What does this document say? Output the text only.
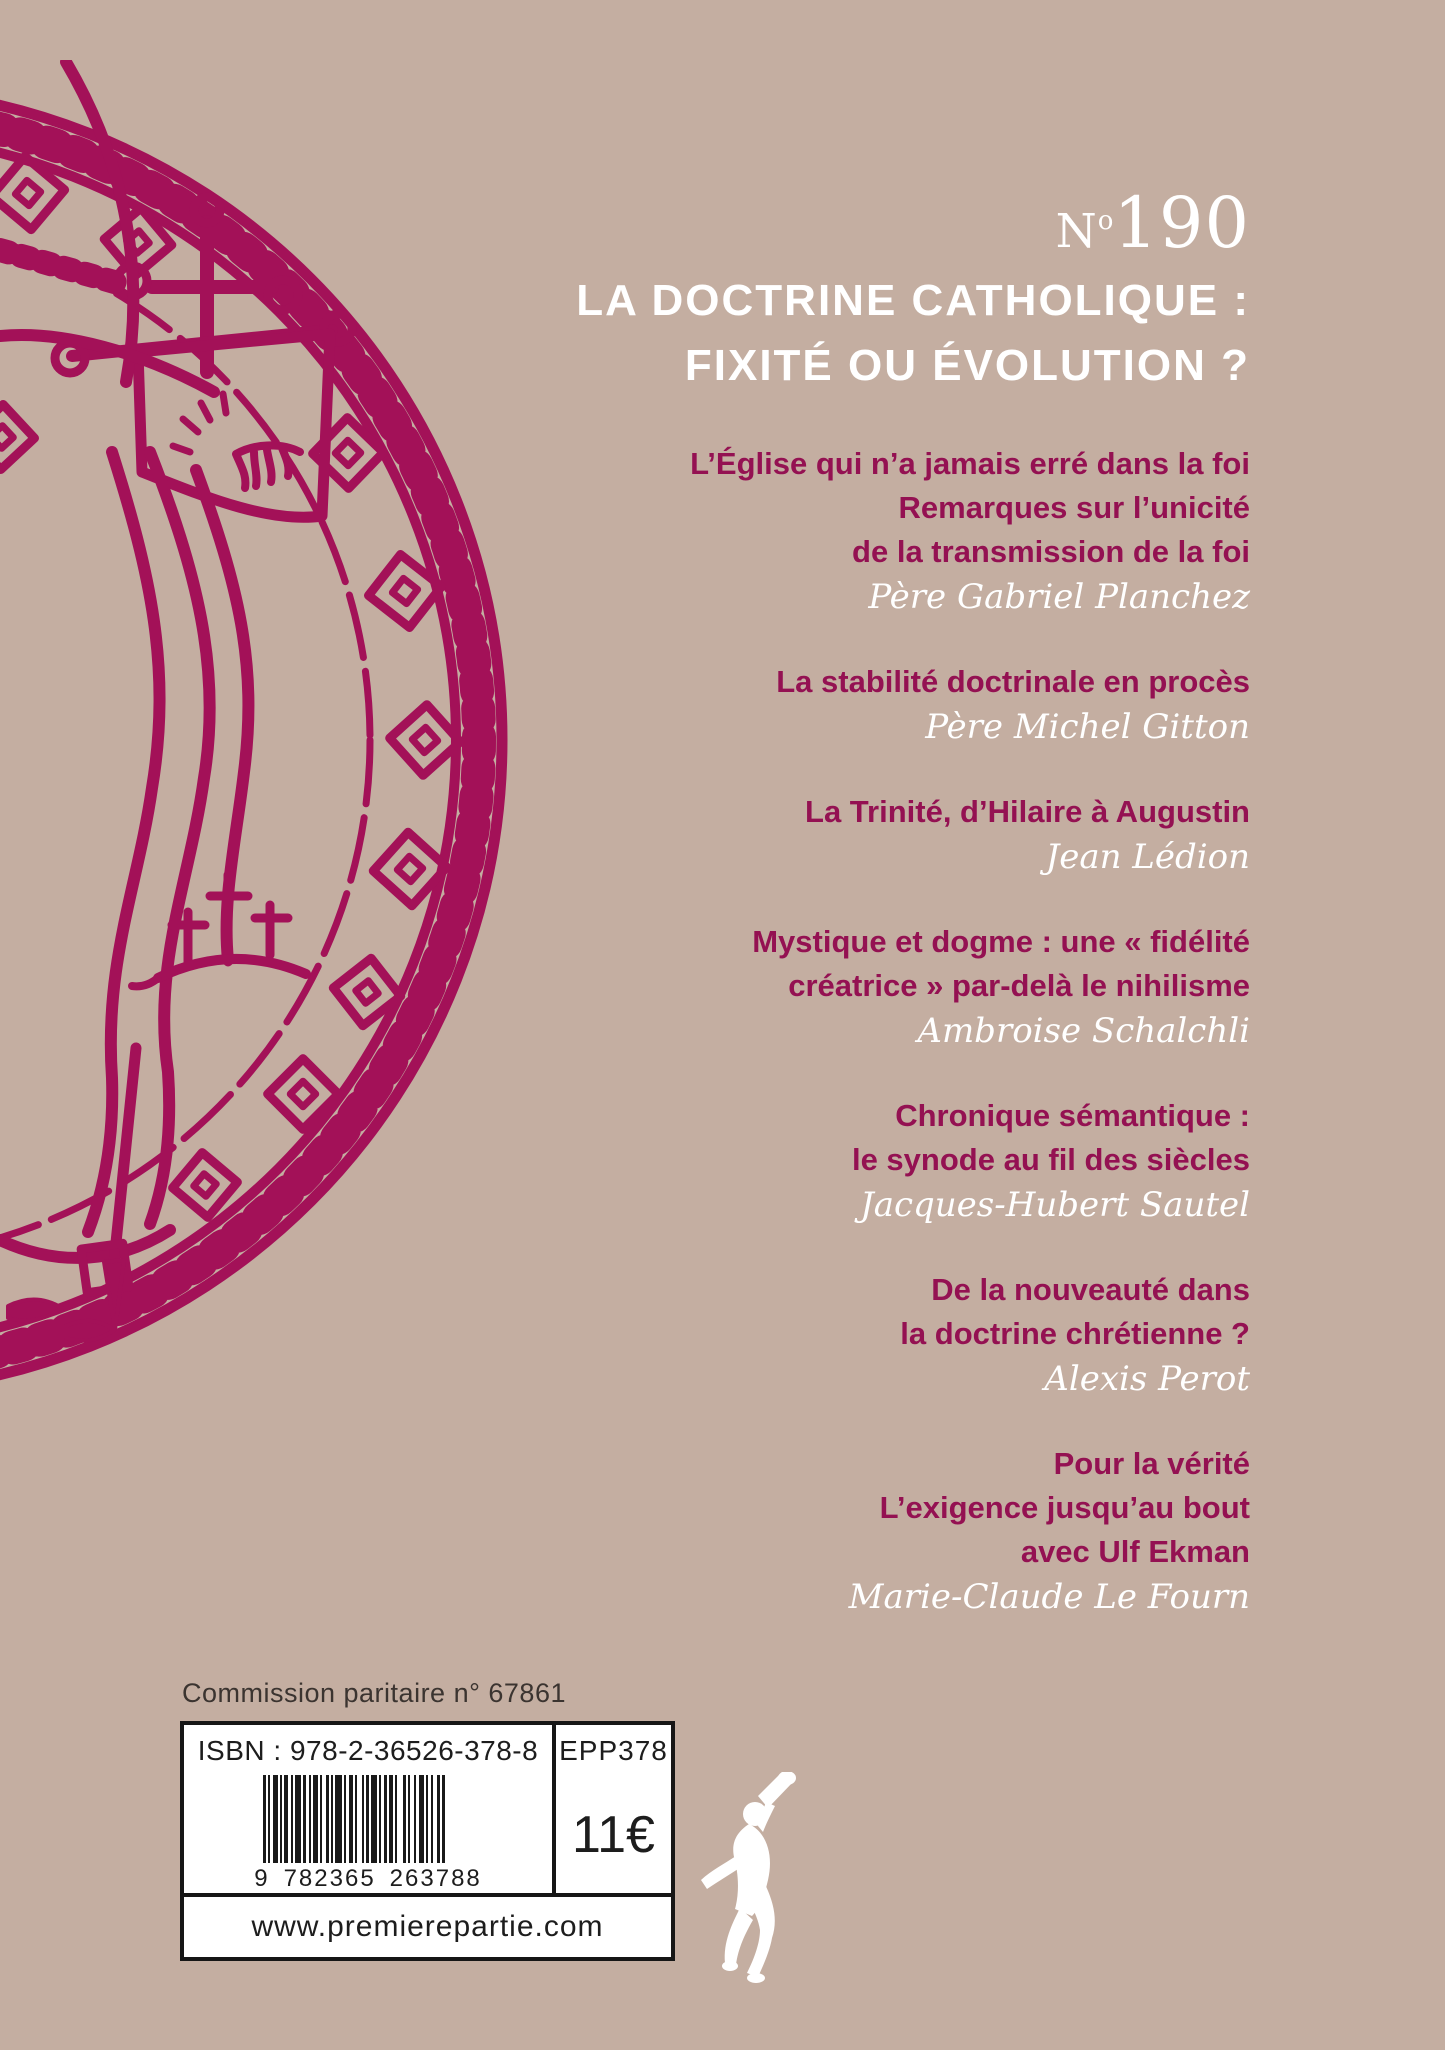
No190
LA DOCTRINE CATHOLIQUE :
FIXITÉ OU ÉVOLUTION ?
L’Église qui n’a jamais erré dans la foi
Remarques sur l’unicité
de la transmission de la foi
Père Gabriel Planchez
La stabilité doctrinale en procès
Père Michel Gitton
La Trinité, d’Hilaire à Augustin
Jean Lédion
Mystique et dogme : une « fidélité
créatrice » par-delà le nihilisme
Ambroise Schalchli
Chronique sémantique :
le synode au fil des siècles
Jacques-Hubert Sautel
De la nouveauté dans
la doctrine chrétienne ?
Alexis Perot
Pour la vérité
L’exigence jusqu’au bout
avec Ulf Ekman
Marie-Claude Le Fourn
Commission paritaire n° 67861
ISBN : 978-2-36526-378-8
9 782365 263788
EPP378
11€
www.premierepartie.com
